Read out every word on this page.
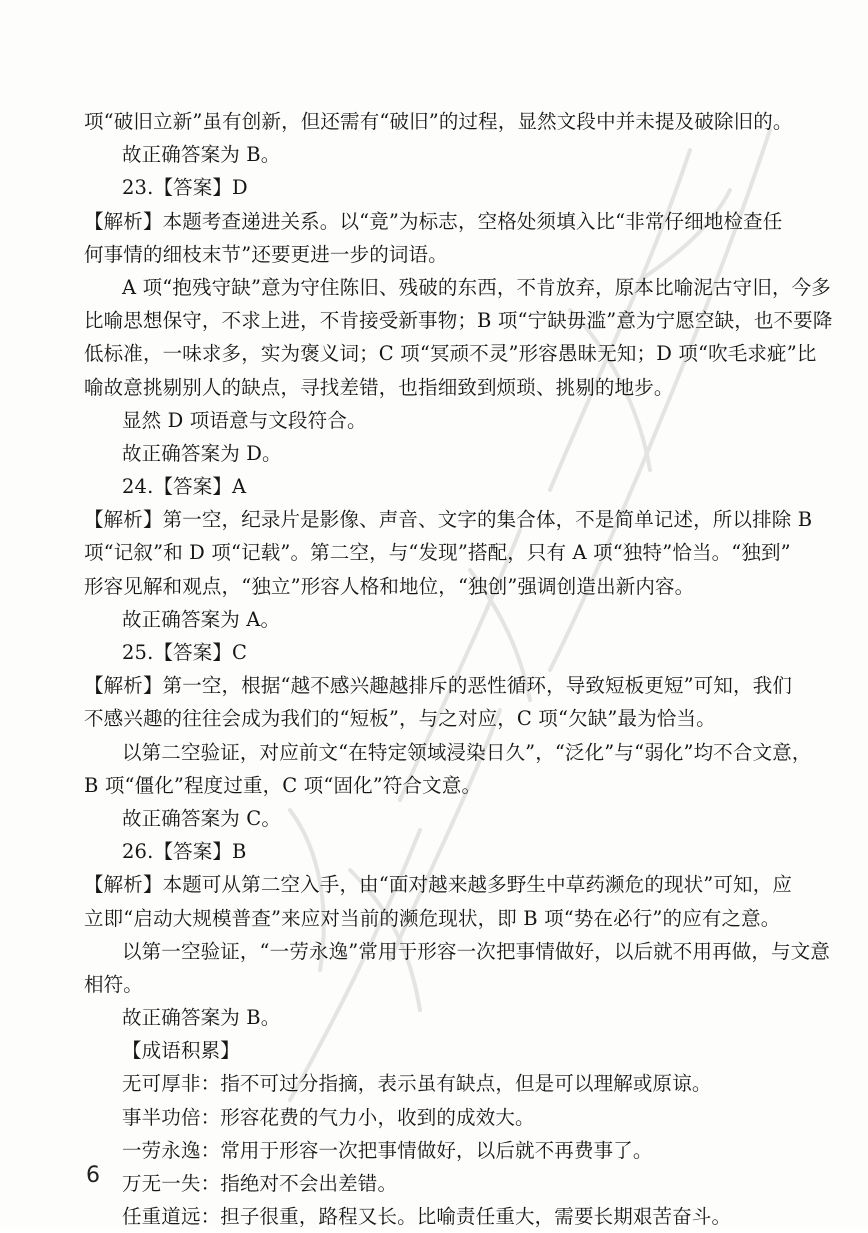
项“破旧立新”虽有创新，但还需有“破旧”的过程，显然文段中并未提及破除旧的。
故正确答案为 B。
23.【答案】D
【解析】本题考查递进关系。以“竟”为标志，空格处须填入比“非常仔细地检查任
何事情的细枝末节”还要更进一步的词语。
A 项“抱残守缺”意为守住陈旧、残破的东西，不肯放弃，原本比喻泥古守旧，今多
比喻思想保守，不求上进，不肯接受新事物；B 项“宁缺毋滥”意为宁愿空缺，也不要降
低标准，一味求多，实为褒义词；C 项“冥顽不灵”形容愚昧无知；D 项“吹毛求疵”比
喻故意挑剔别人的缺点，寻找差错，也指细致到烦琐、挑剔的地步。
显然 D 项语意与文段符合。
故正确答案为 D。
24.【答案】A
【解析】第一空，纪录片是影像、声音、文字的集合体，不是简单记述，所以排除 B
项“记叙”和 D 项“记载”。第二空，与“发现”搭配，只有 A 项“独特”恰当。“独到”
形容见解和观点，“独立”形容人格和地位，“独创”强调创造出新内容。
故正确答案为 A。
25.【答案】C
【解析】第一空，根据“越不感兴趣越排斥的恶性循环，导致短板更短”可知，我们
不感兴趣的往往会成为我们的“短板”，与之对应，C 项“欠缺”最为恰当。
以第二空验证，对应前文“在特定领域浸染日久”，“泛化”与“弱化”均不合文意，
B 项“僵化”程度过重，C 项“固化”符合文意。
故正确答案为 C。
26.【答案】B
【解析】本题可从第二空入手，由“面对越来越多野生中草药濒危的现状”可知，应
立即“启动大规模普查”来应对当前的濒危现状，即 B 项“势在必行”的应有之意。
以第一空验证，“一劳永逸”常用于形容一次把事情做好，以后就不用再做，与文意
相符。
故正确答案为 B。
【成语积累】
无可厚非：指不可过分指摘，表示虽有缺点，但是可以理解或原谅。
事半功倍：形容花费的气力小，收到的成效大。
一劳永逸：常用于形容一次把事情做好，以后就不再费事了。
万无一失：指绝对不会出差错。
任重道远：担子很重，路程又长。比喻责任重大，需要长期艰苦奋斗。
6
